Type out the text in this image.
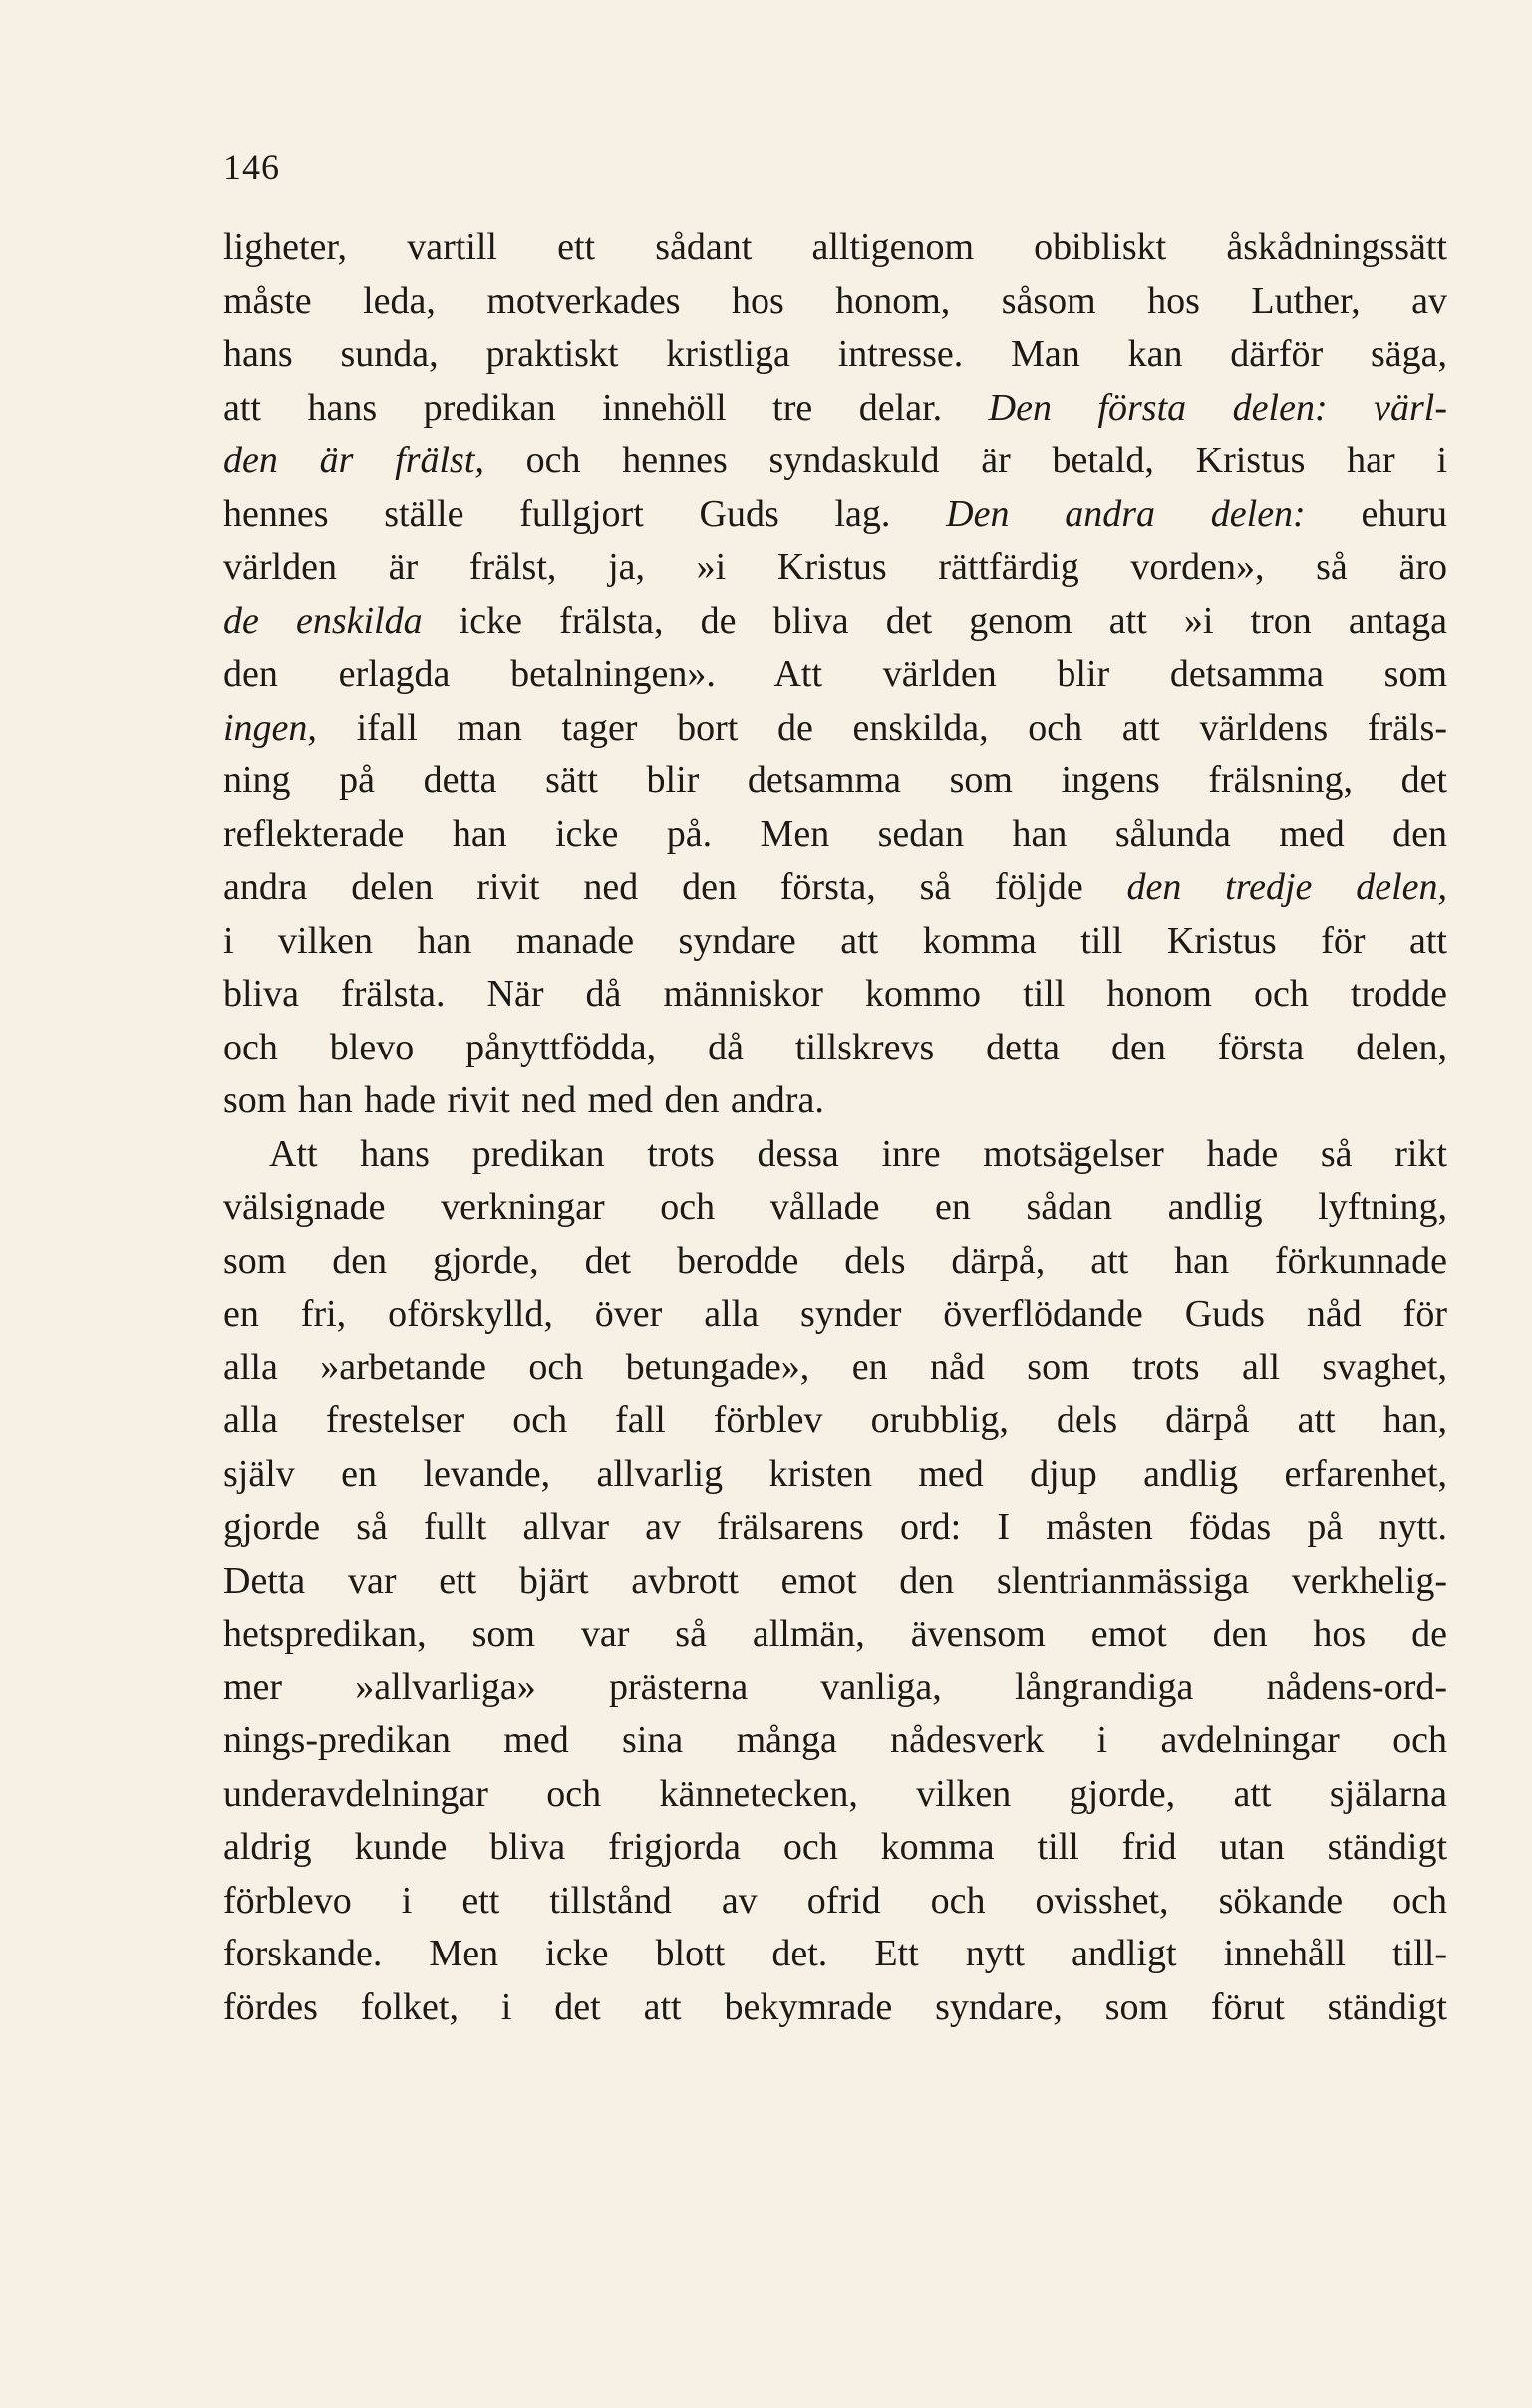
146
ligheter, vartill ett sådant alltigenom obibliskt åskådningssätt
måste leda, motverkades hos honom, såsom hos Luther, av
hans sunda, praktiskt kristliga intresse. Man kan därför säga,
att hans predikan innehöll tre delar. Den första delen: värl-
den är frälst, och hennes syndaskuld är betald, Kristus har i
hennes ställe fullgjort Guds lag. Den andra delen: ehuru
världen är frälst, ja, »i Kristus rättfärdig vorden», så äro
de enskilda icke frälsta, de bliva det genom att »i tron antaga
den erlagda betalningen». Att världen blir detsamma som
ingen, ifall man tager bort de enskilda, och att världens fräls-
ning på detta sätt blir detsamma som ingens frälsning, det
reflekterade han icke på. Men sedan han sålunda med den
andra delen rivit ned den första, så följde den tredje delen,
i vilken han manade syndare att komma till Kristus för att
bliva frälsta. När då människor kommo till honom och trodde
och blevo pånyttfödda, då tillskrevs detta den första delen,
som han hade rivit ned med den andra.
Att hans predikan trots dessa inre motsägelser hade så rikt
välsignade verkningar och vållade en sådan andlig lyftning,
som den gjorde, det berodde dels därpå, att han förkunnade
en fri, oförskylld, över alla synder överflödande Guds nåd för
alla »arbetande och betungade», en nåd som trots all svaghet,
alla frestelser och fall förblev orubblig, dels därpå att han,
själv en levande, allvarlig kristen med djup andlig erfarenhet,
gjorde så fullt allvar av frälsarens ord: I måsten födas på nytt.
Detta var ett bjärt avbrott emot den slentrianmässiga verkhelig-
hetspredikan, som var så allmän, ävensom emot den hos de
mer »allvarliga» prästerna vanliga, långrandiga nådens-ord-
nings-predikan med sina många nådesverk i avdelningar och
underavdelningar och kännetecken, vilken gjorde, att själarna
aldrig kunde bliva frigjorda och komma till frid utan ständigt
förblevo i ett tillstånd av ofrid och ovisshet, sökande och
forskande. Men icke blott det. Ett nytt andligt innehåll till-
fördes folket, i det att bekymrade syndare, som förut ständigt
